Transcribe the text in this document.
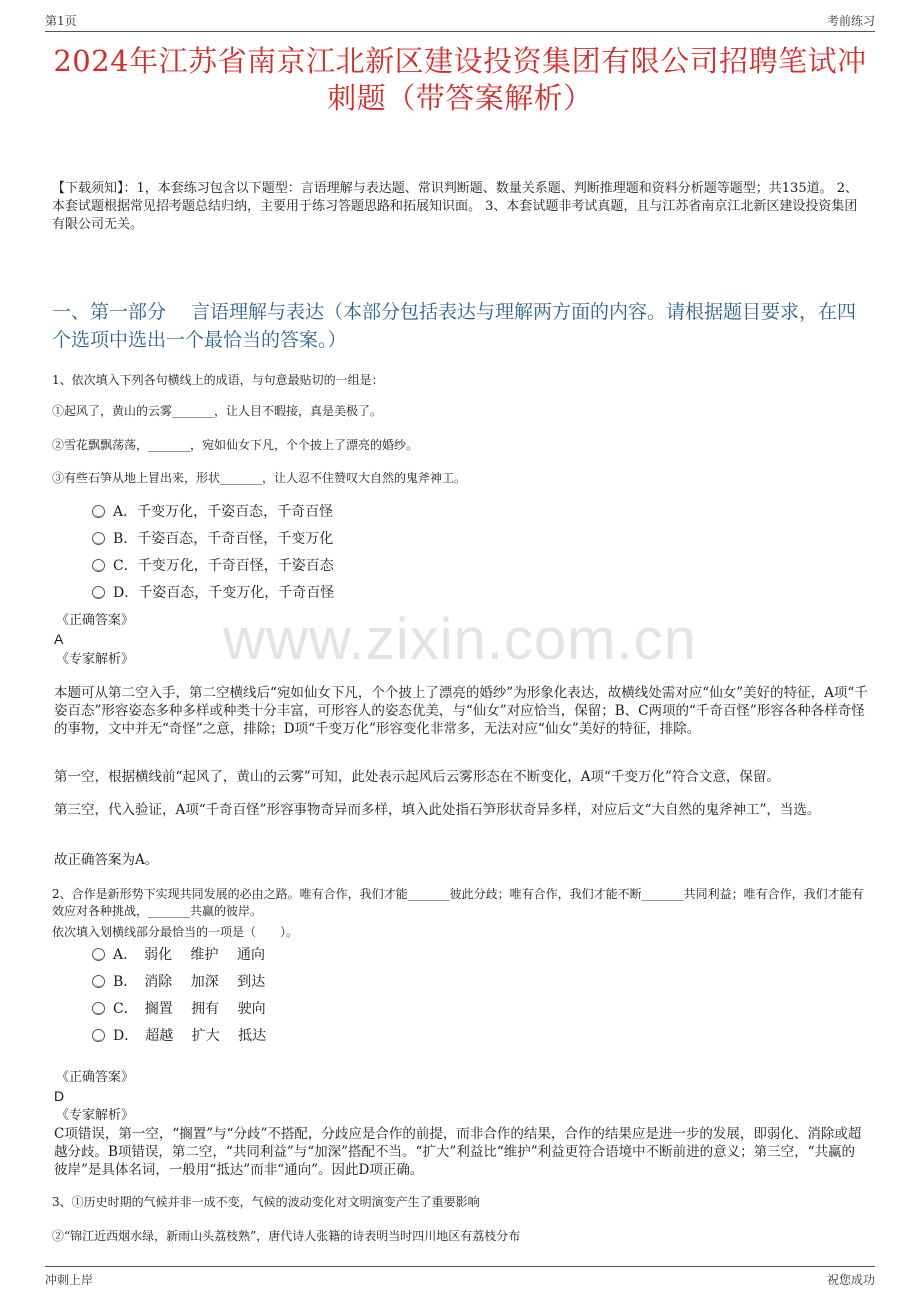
第1页	考前练习
www.zixin.com.cn
2024年江苏省南京江北新区建设投资集团有限公司招聘笔试冲刺题（带答案解析）
【下载须知】：1，本套练习包含以下题型：言语理解与表达题、常识判断题、数量关系题、判断推理题和资料分析题等题型；共135道。 2、本套试题根据常见招考题总结归纳，主要用于练习答题思路和拓展知识面。 3、本套试题非考试真题，且与江苏省南京江北新区建设投资集团有限公司无关。
一、第一部分　 言语理解与表达（本部分包括表达与理解两方面的内容。请根据题目要求，在四个选项中选出一个最恰当的答案。）
1、依次填入下列各句横线上的成语，与句意最贴切的一组是：
①起风了，黄山的云雾_______，让人目不暇接，真是美极了。
②雪花飘飘荡荡，_______，宛如仙女下凡，个个披上了漂亮的婚纱。
③有些石笋从地上冒出来，形状_______，让人忍不住赞叹大自然的鬼斧神工。
A．千变万化，千姿百态，千奇百怪
B．千姿百态，千奇百怪，千变万化
C．千变万化，千奇百怪，千姿百态
D．千姿百态，千变万化，千奇百怪
《正确答案》
A
《专家解析》
本题可从第二空入手，第二空横线后“宛如仙女下凡，个个披上了漂亮的婚纱”为形象化表达，故横线处需对应“仙女”美好的特征，A项“千姿百态”形容姿态多种多样或种类十分丰富，可形容人的姿态优美，与“仙女”对应恰当，保留；B、C两项的“千奇百怪”形容各种各样奇怪的事物，文中并无“奇怪”之意，排除；D项“千变万化”形容变化非常多，无法对应“仙女”美好的特征，排除。
第一空，根据横线前“起风了，黄山的云雾”可知，此处表示起风后云雾形态在不断变化，A项“千变万化”符合文意，保留。
第三空，代入验证，A项“千奇百怪”形容事物奇异而多样，填入此处指石笋形状奇异多样，对应后文“大自然的鬼斧神工”，当选。
故正确答案为A。
2、合作是新形势下实现共同发展的必由之路。唯有合作，我们才能_______彼此分歧；唯有合作，我们才能不断_______共同利益；唯有合作，我们才能有效应对各种挑战，_______共赢的彼岸。
依次填入划横线部分最恰当的一项是（　　）。
A．　弱化　 维护　 通向
B．　消除　 加深　 到达
C．　搁置　 拥有　 驶向
D．　超越　 扩大　 抵达
《正确答案》
D
《专家解析》
C项错误，第一空，“搁置”与“分歧”不搭配，分歧应是合作的前提，而非合作的结果，合作的结果应是进一步的发展，即弱化、消除或超越分歧。B项错误，第二空，“共同利益”与“加深”搭配不当。“扩大”利益比“维护”利益更符合语境中不断前进的意义；第三空，“共赢的彼岸”是具体名词，一般用“抵达”而非“通向”。因此D项正确。
3、①历史时期的气候并非一成不变，气候的波动变化对文明演变产生了重要影响
②“锦江近西烟水绿，新雨山头荔枝熟”，唐代诗人张籍的诗表明当时四川地区有荔枝分布
冲刺上岸	祝您成功
